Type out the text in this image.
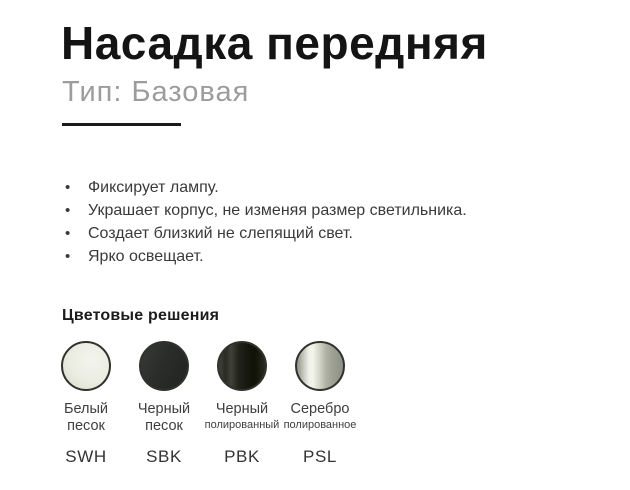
Насадка передняя
Тип: Базовая
• Фиксирует лампу.
• Украшает корпус, не изменяя размер светильника.
• Создает близкий не слепящий свет.
• Ярко освещает.
Цветовые решения
Белый
песок
SWH
Черный
песок
SBK
Черный
полированный
PBK
Серебро
полированное
PSL
